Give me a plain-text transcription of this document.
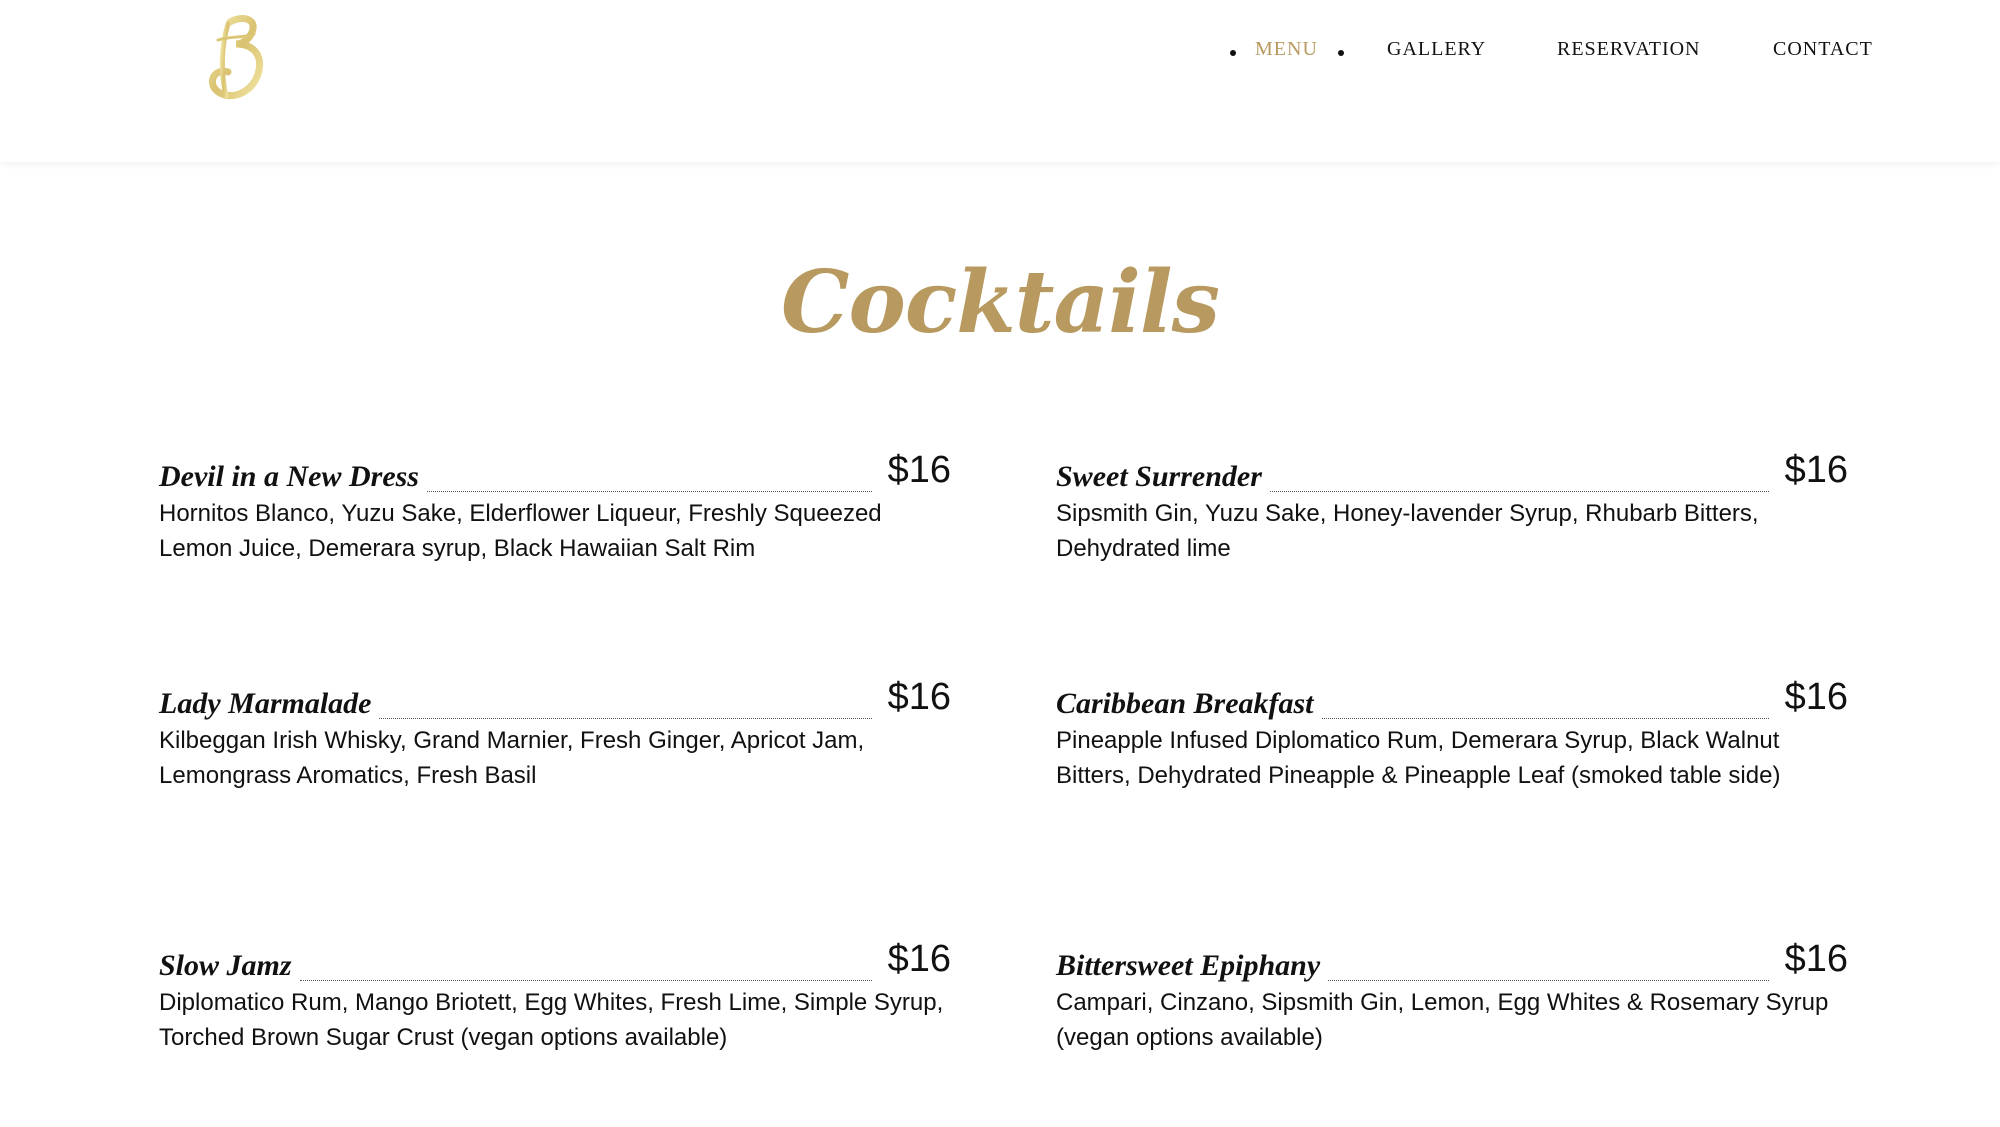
MENU	GALLERY	RESERVATION	CONTACT
Cocktails
Devil in a New Dress	$16
Hornitos Blanco, Yuzu Sake, Elderflower Liqueur, Freshly Squeezed Lemon Juice, Demerara syrup, Black Hawaiian Salt Rim
Sweet Surrender	$16
Sipsmith Gin, Yuzu Sake, Honey-lavender Syrup, Rhubarb Bitters, Dehydrated lime
Lady Marmalade	$16
Kilbeggan Irish Whisky, Grand Marnier, Fresh Ginger, Apricot Jam, Lemongrass Aromatics, Fresh Basil
Caribbean Breakfast	$16
Pineapple Infused Diplomatico Rum, Demerara Syrup, Black Walnut Bitters, Dehydrated Pineapple & Pineapple Leaf (smoked table side)
Slow Jamz	$16
Diplomatico Rum, Mango Briotett, Egg Whites, Fresh Lime, Simple Syrup, Torched Brown Sugar Crust (vegan options available)
Bittersweet Epiphany	$16
Campari, Cinzano, Sipsmith Gin, Lemon, Egg Whites & Rosemary Syrup (vegan options available)
